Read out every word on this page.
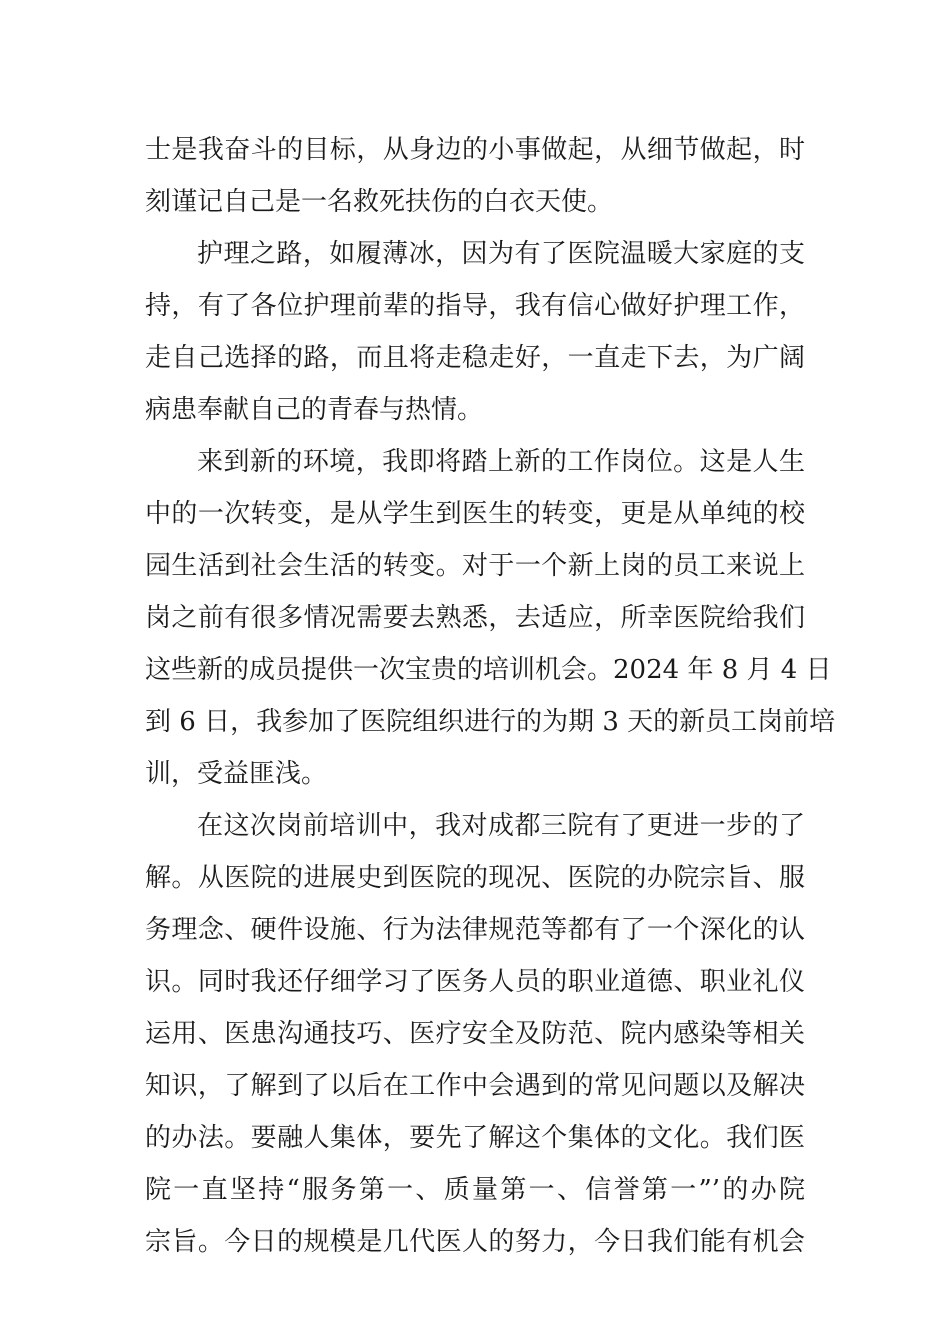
士是我奋斗的目标，从身边的小事做起，从细节做起，时
刻谨记自己是一名救死扶伤的白衣天使。
护理之路，如履薄冰，因为有了医院温暖大家庭的支
持，有了各位护理前辈的指导，我有信心做好护理工作，
走自己选择的路，而且将走稳走好，一直走下去，为广阔
病患奉献自己的青春与热情。
来到新的环境，我即将踏上新的工作岗位。这是人生
中的一次转变，是从学生到医生的转变，更是从单纯的校
园生活到社会生活的转变。对于一个新上岗的员工来说上
岗之前有很多情况需要去熟悉，去适应，所幸医院给我们
这些新的成员提供一次宝贵的培训机会。2024 年 8 月 4 日
到 6 日，我参加了医院组织进行的为期 3 天的新员工岗前培
训，受益匪浅。
在这次岗前培训中，我对成都三院有了更进一步的了
解。从医院的进展史到医院的现况、医院的办院宗旨、服
务理念、硬件设施、行为法律规范等都有了一个深化的认
识。同时我还仔细学习了医务人员的职业道德、职业礼仪
运用、医患沟通技巧、医疗安全及防范、院内感染等相关
知识，了解到了以后在工作中会遇到的常见问题以及解决
的办法。要融人集体，要先了解这个集体的文化。我们医
院一直坚持“服务第一、质量第一、信誉第一”’的办院
宗旨。今日的规模是几代医人的努力，今日我们能有机会
